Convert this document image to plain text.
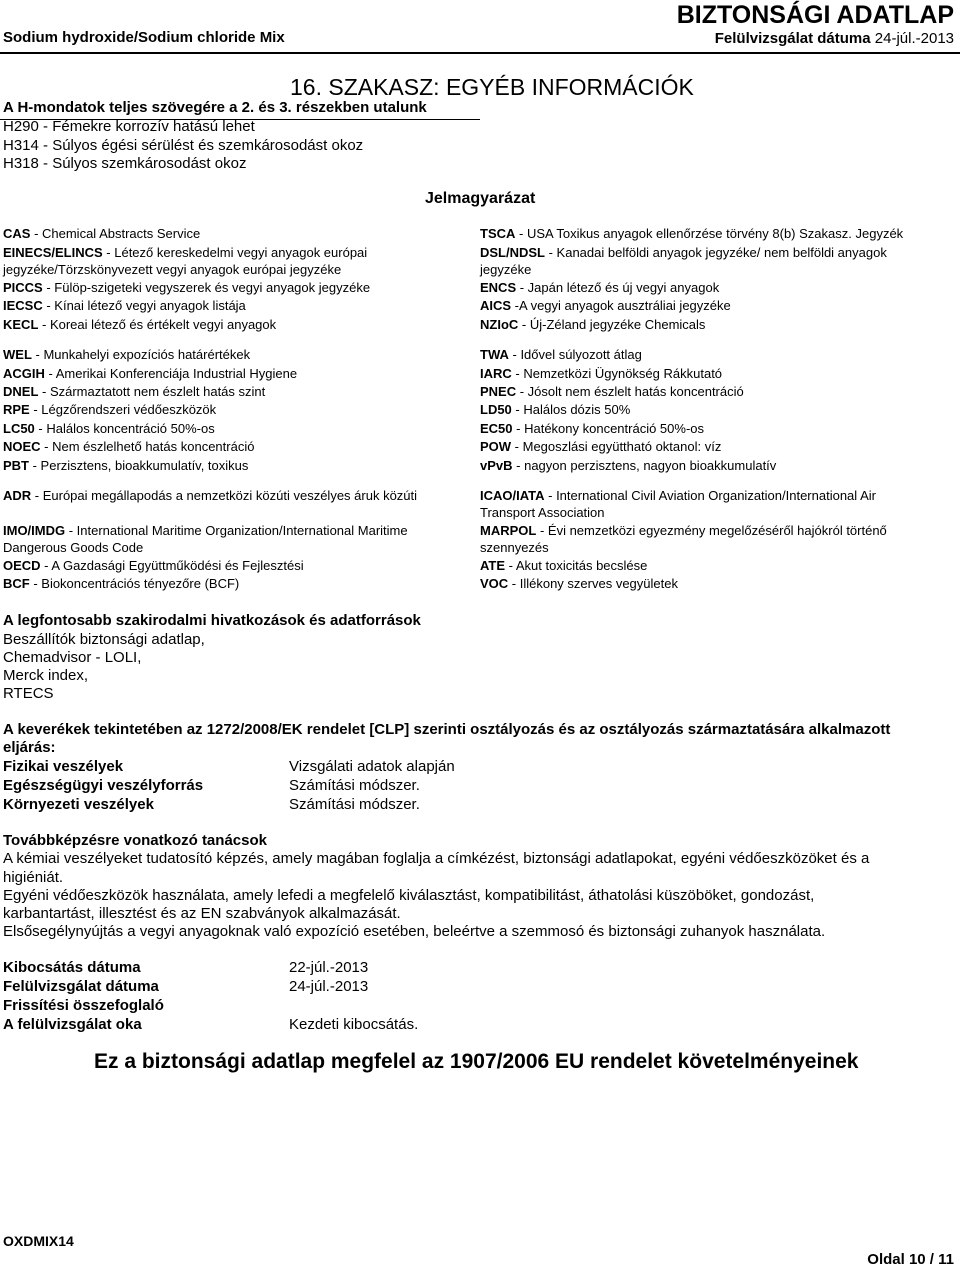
Sodium hydroxide/Sodium chloride Mix
BIZTONSÁGI ADATLAP
Felülvizsgálat dátuma 24-júl.-2013
16. SZAKASZ: EGYÉB INFORMÁCIÓK
A H-mondatok teljes szövegére a 2. és 3. részekben utalunk
H290 - Fémekre korrozív hatású lehet
H314 - Súlyos égési sérülést és szemkárosodást okoz
H318 - Súlyos szemkárosodást okoz
Jelmagyarázat
CAS - Chemical Abstracts Service
EINECS/ELINCS - Létező kereskedelmi vegyi anyagok európai
jegyzéke/Törzskönyvezett vegyi anyagok európai jegyzéke
PICCS - Fülöp-szigeteki vegyszerek és vegyi anyagok jegyzéke
IECSC - Kínai létező vegyi anyagok listája
KECL - Koreai létező és értékelt vegyi anyagok
TSCA - USA Toxikus anyagok ellenőrzése törvény 8(b) Szakasz. Jegyzék
DSL/NDSL - Kanadai belföldi anyagok jegyzéke/ nem belföldi anyagok
jegyzéke
ENCS - Japán létező és új vegyi anyagok
AICS -A vegyi anyagok ausztráliai jegyzéke
NZIoC - Új-Zéland jegyzéke Chemicals
WEL - Munkahelyi expozíciós határértékek
ACGIH - Amerikai Konferenciája Industrial Hygiene
DNEL - Származtatott nem észlelt hatás szint
RPE - Légzőrendszeri védőeszközök
LC50 - Halálos koncentráció 50%-os
NOEC - Nem észlelhető hatás koncentráció
PBT - Perzisztens, bioakkumulatív, toxikus
TWA - Idővel súlyozott átlag
IARC - Nemzetközi Ügynökség Rákkutató
PNEC - Jósolt nem észlelt hatás koncentráció
LD50 - Halálos dózis 50%
EC50 - Hatékony koncentráció 50%-os
POW - Megoszlási együttható oktanol: víz
vPvB - nagyon perzisztens, nagyon bioakkumulatív
ADR - Európai megállapodás a nemzetközi közúti veszélyes áruk közúti
IMO/IMDG - International Maritime Organization/International Maritime
Dangerous Goods Code
OECD - A Gazdasági Együttműködési és Fejlesztési
BCF - Biokoncentrációs tényezőre (BCF)
ICAO/IATA - International Civil Aviation Organization/International Air
Transport Association
MARPOL - Évi nemzetközi egyezmény megelőzéséről hajókról történő
szennyezés
ATE - Akut toxicitás becslése
VOC - Illékony szerves vegyületek
A legfontosabb szakirodalmi hivatkozások és adatforrások
Beszállítók biztonsági adatlap,
Chemadvisor - LOLI,
Merck index,
RTECS
A keverékek tekintetében az 1272/2008/EK rendelet [CLP] szerinti osztályozás és az osztályozás származtatására alkalmazott
eljárás:
Fizikai veszélyek	Vizsgálati adatok alapján
Egészségügyi veszélyforrás	Számítási módszer.
Környezeti veszélyek	Számítási módszer.
Továbbképzésre vonatkozó tanácsok
A kémiai veszélyeket tudatosító képzés, amely magában foglalja a címkézést, biztonsági adatlapokat, egyéni védőeszközöket és a
higiéniát.
Egyéni védőeszközök használata, amely lefedi a megfelelő kiválasztást, kompatibilitást, áthatolási küszöböket, gondozást,
karbantartást, illesztést és az EN szabványok alkalmazását.
Elsősegélynyújtás a vegyi anyagoknak való expozíció esetében, beleértve a szemmosó és biztonsági zuhanyok használata.
Kibocsátás dátuma	22-júl.-2013
Felülvizsgálat dátuma	24-júl.-2013
Frissítési összefoglaló
A felülvizsgálat oka	Kezdeti kibocsátás.
Ez a biztonsági adatlap megfelel az 1907/2006 EU rendelet követelményeinek
OXDMIX14
Oldal 10 / 11
